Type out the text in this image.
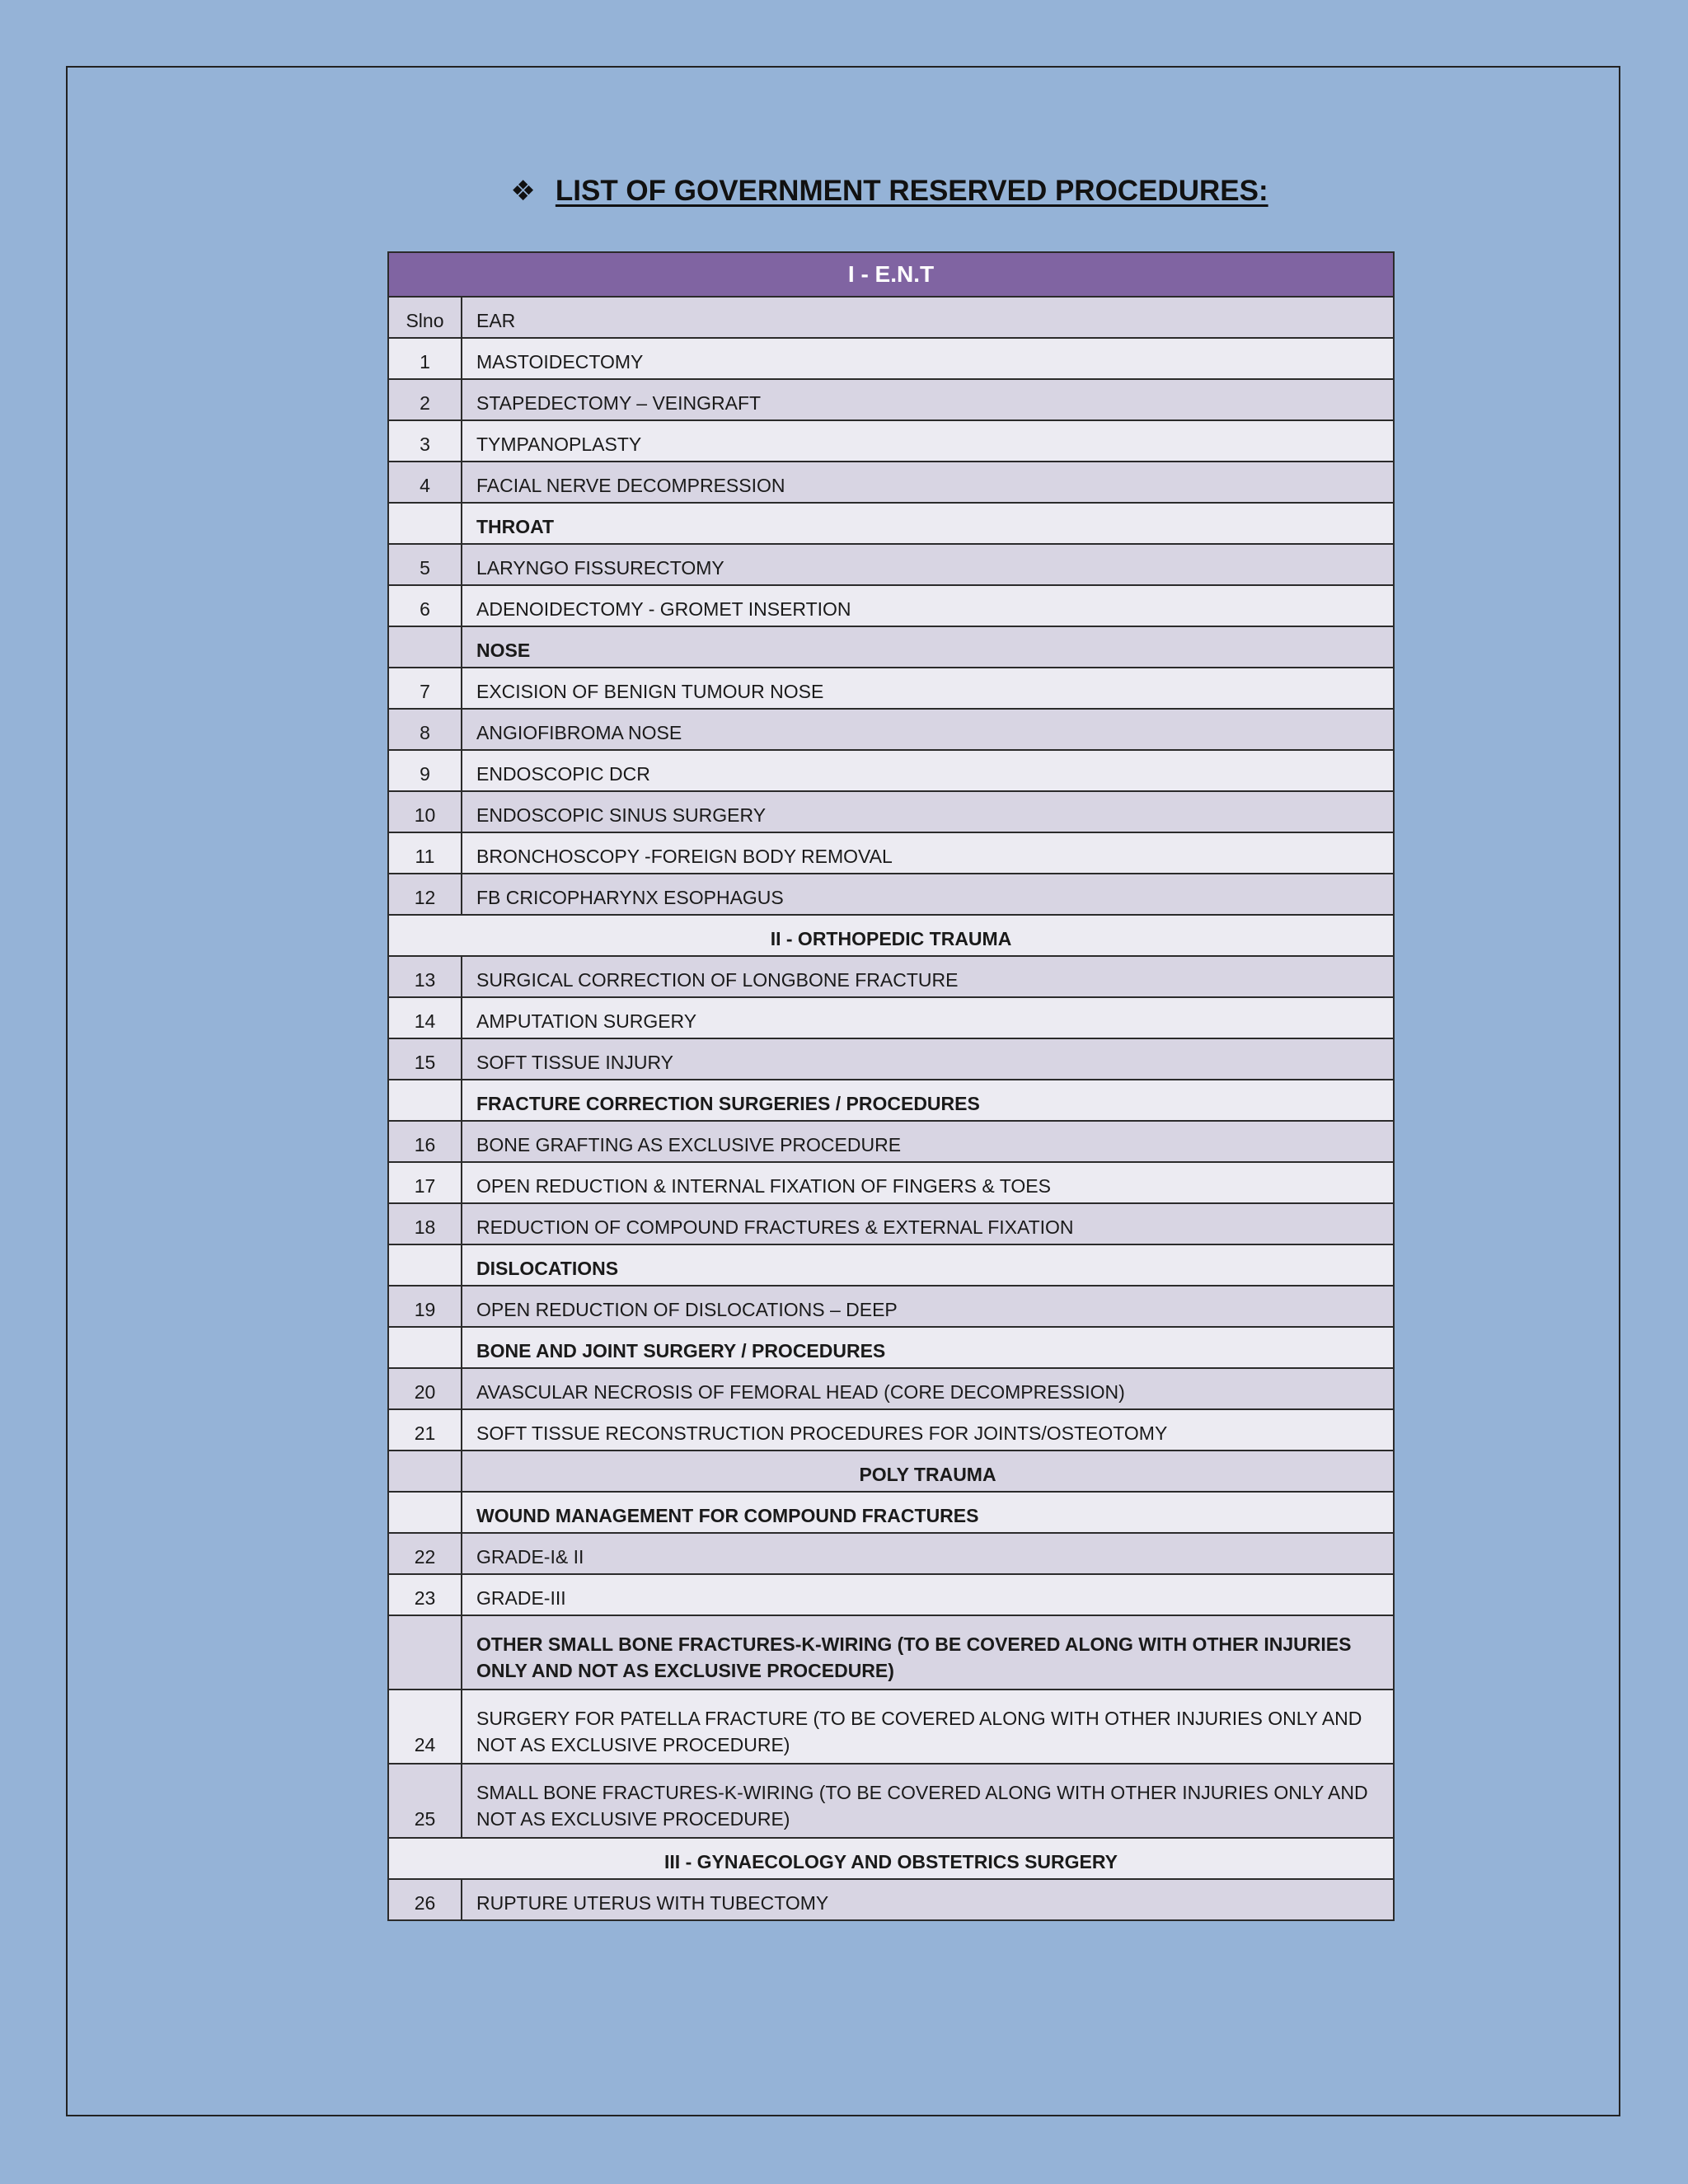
❖ LIST OF GOVERNMENT RESERVED PROCEDURES:
I - E.N.T	
Slno	EAR
1	MASTOIDECTOMY
2	STAPEDECTOMY – VEINGRAFT
3	TYMPANOPLASTY
4	FACIAL NERVE DECOMPRESSION
	THROAT
5	LARYNGO FISSURECTOMY
6	ADENOIDECTOMY - GROMET INSERTION
	NOSE
7	EXCISION OF BENIGN TUMOUR NOSE
8	ANGIOFIBROMA NOSE
9	ENDOSCOPIC DCR
10	ENDOSCOPIC SINUS SURGERY
11	BRONCHOSCOPY -FOREIGN BODY REMOVAL
12	FB CRICOPHARYNX ESOPHAGUS
II - ORTHOPEDIC TRAUMA	
13	SURGICAL CORRECTION OF LONGBONE FRACTURE
14	AMPUTATION SURGERY
15	SOFT TISSUE INJURY
	FRACTURE CORRECTION SURGERIES / PROCEDURES
16	BONE GRAFTING AS EXCLUSIVE PROCEDURE
17	OPEN REDUCTION & INTERNAL FIXATION OF FINGERS & TOES
18	REDUCTION OF COMPOUND FRACTURES & EXTERNAL FIXATION
	DISLOCATIONS
19	OPEN REDUCTION OF DISLOCATIONS – DEEP
	BONE AND JOINT SURGERY / PROCEDURES
20	AVASCULAR NECROSIS OF FEMORAL HEAD (CORE DECOMPRESSION)
21	SOFT TISSUE RECONSTRUCTION PROCEDURES FOR JOINTS/OSTEOTOMY
	POLY TRAUMA
	WOUND MANAGEMENT FOR COMPOUND FRACTURES
22	GRADE-I& II
23	GRADE-III
	OTHER SMALL BONE FRACTURES-K-WIRING (TO BE COVERED ALONG WITH OTHER INJURIES ONLY AND NOT AS EXCLUSIVE PROCEDURE)
24	SURGERY FOR PATELLA FRACTURE (TO BE COVERED ALONG WITH OTHER INJURIES ONLY AND NOT AS EXCLUSIVE PROCEDURE)
25	SMALL BONE FRACTURES-K-WIRING (TO BE COVERED ALONG WITH OTHER INJURIES ONLY AND NOT AS EXCLUSIVE PROCEDURE)
III - GYNAECOLOGY AND OBSTETRICS SURGERY	
26	RUPTURE UTERUS WITH TUBECTOMY
